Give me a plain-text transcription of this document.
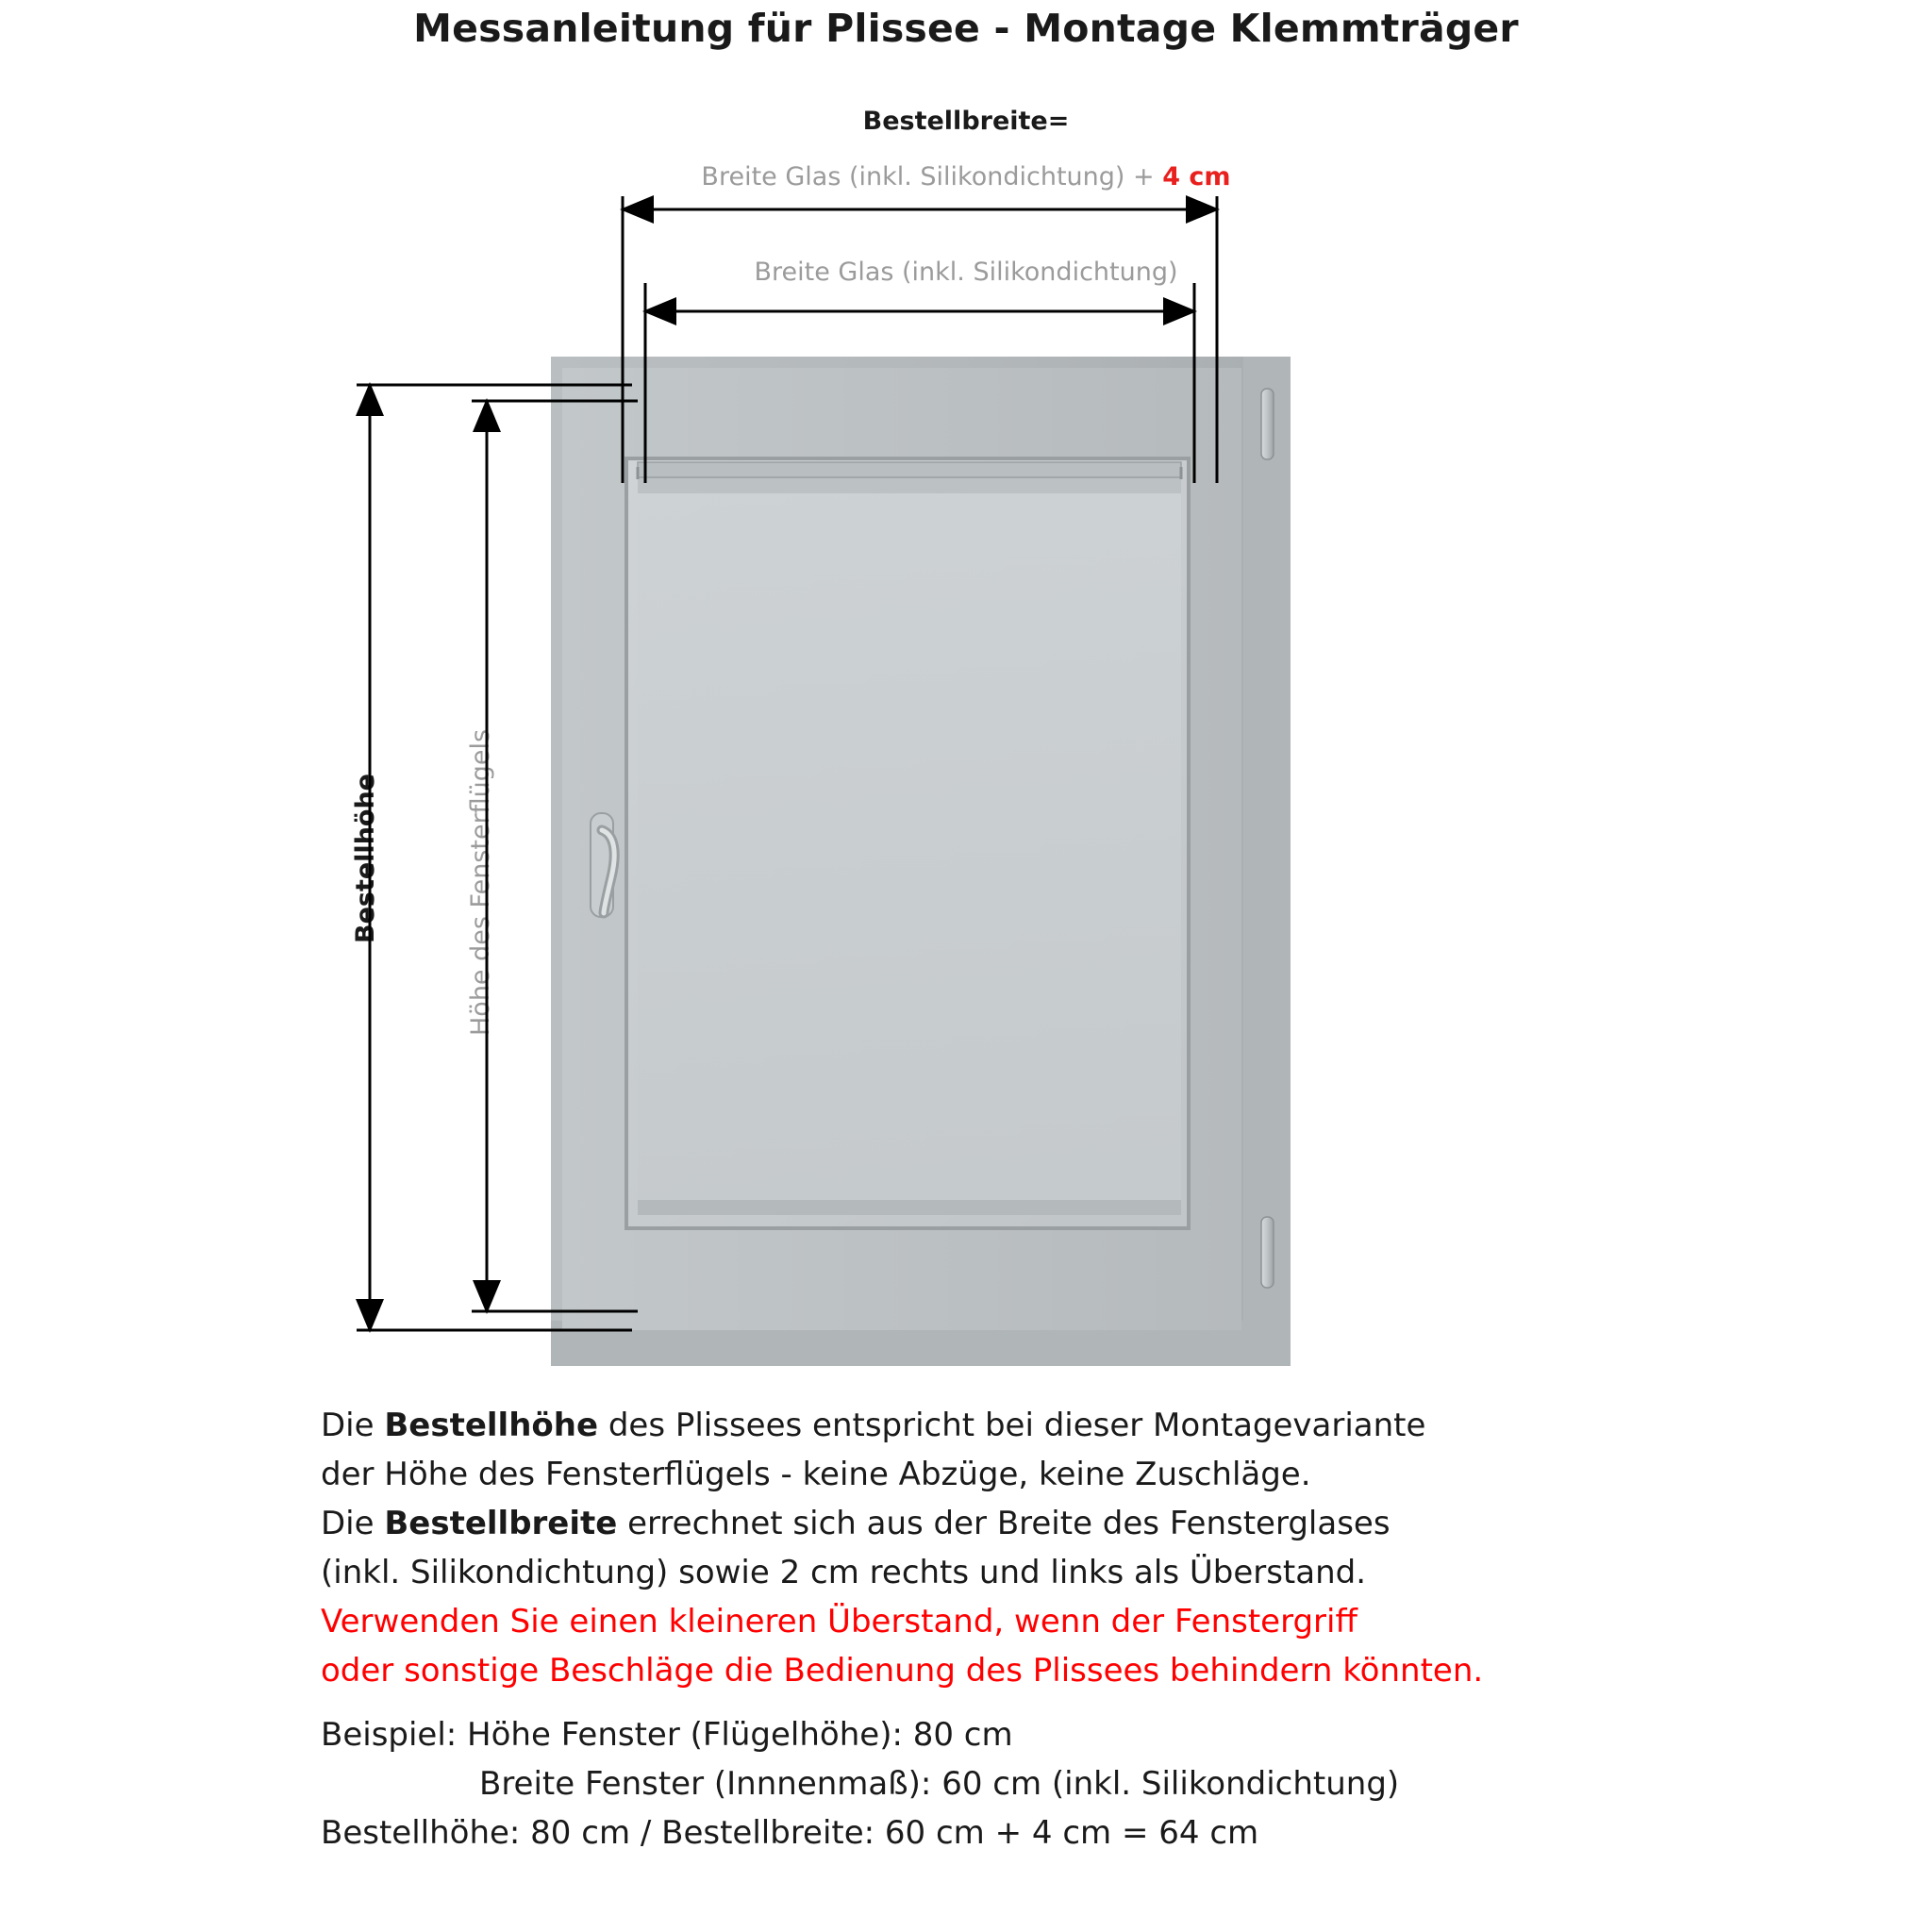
Messanleitung für Plissee - Montage Klemmträger
Bestellbreite=
Breite Glas (inkl. Silikondichtung) + 4 cm
Breite Glas (inkl. Silikondichtung)
Bestellhöhe	Höhe des Fensterflügels

Die Bestellhöhe des Plissees entspricht bei dieser Montagevariante

der Höhe des Fensterflügels - keine Abzüge, keine Zuschläge.

Die Bestellbreite errechnet sich aus der Breite des Fensterglases

(inkl. Silikondichtung) sowie 2 cm rechts und links als Überstand.

Verwenden Sie einen kleineren Überstand, wenn der Fenstergriff

oder sonstige Beschläge die Bedienung des Plissees behindern könnten.

Beispiel: Höhe Fenster (Flügelhöhe): 80 cm

Breite Fenster (Innnenmaß): 60 cm (inkl. Silikondichtung)

Bestellhöhe: 80 cm / Bestellbreite: 60 cm + 4 cm = 64 cm
